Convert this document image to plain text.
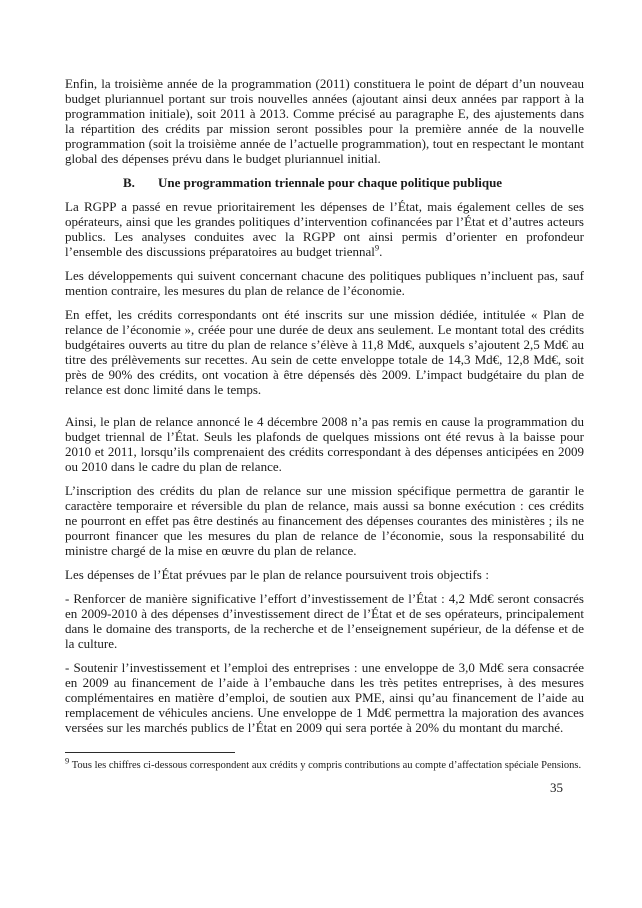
Enfin, la troisième année de la programmation (2011) constituera le point de départ d’un nouveau budget pluriannuel portant sur trois nouvelles années (ajoutant ainsi deux années par rapport à la programmation initiale), soit 2011 à 2013. Comme précisé au paragraphe E, des ajustements dans la répartition des crédits par mission seront possibles pour la première année de la nouvelle programmation (soit la troisième année de l’actuelle programmation), tout en respectant le montant global des dépenses prévu dans le budget pluriannuel initial.

B.	Une programmation triennale pour chaque politique publique

La RGPP a passé en revue prioritairement les dépenses de l’État, mais également celles de ses opérateurs, ainsi que les grandes politiques d’intervention cofinancées par l’État et d’autres acteurs publics. Les analyses conduites avec la RGPP ont ainsi permis d’orienter en profondeur l’ensemble des discussions préparatoires au budget triennal$^9$.

Les développements qui suivent concernant chacune des politiques publiques n’incluent pas, sauf mention contraire, les mesures du plan de relance de l’économie.

En effet, les crédits correspondants ont été inscrits sur une mission dédiée, intitulée « Plan de relance de l’économie », créée pour une durée de deux ans seulement. Le montant total des crédits budgétaires ouverts au titre du plan de relance s’élève à 11,8 Md€, auxquels s’ajoutent 2,5 Md€ au titre des prélèvements sur recettes. Au sein de cette enveloppe totale de 14,3 Md€, 12,8 Md€, soit près de 90% des crédits, ont vocation à être dépensés dès 2009. L’impact budgétaire du plan de relance est donc limité dans le temps.

Ainsi, le plan de relance annoncé le 4 décembre 2008 n’a pas remis en cause la programmation du budget triennal de l’État. Seuls les plafonds de quelques missions ont été revus à la baisse pour 2010 et 2011, lorsqu’ils comprenaient des crédits correspondant à des dépenses anticipées en 2009 ou 2010 dans le cadre du plan de relance.

L’inscription des crédits du plan de relance sur une mission spécifique permettra de garantir le caractère temporaire et réversible du plan de relance, mais aussi sa bonne exécution : ces crédits ne pourront en effet pas être destinés au financement des dépenses courantes des ministères ; ils ne pourront financer que les mesures du plan de relance de l’économie, sous la responsabilité du ministre chargé de la mise en œuvre du plan de relance.

Les dépenses de l’État prévues par le plan de relance poursuivent trois objectifs :

- Renforcer de manière significative l’effort d’investissement de l’État : 4,2 Md€ seront consacrés en 2009-2010 à des dépenses d’investissement direct de l’État et de ses opérateurs, principalement dans le domaine des transports, de la recherche et de l’enseignement supérieur, de la défense et de la culture.

- Soutenir l’investissement et l’emploi des entreprises : une enveloppe de 3,0 Md€ sera consacrée en 2009 au financement de l’aide à l’embauche dans les très petites entreprises, à des mesures complémentaires en matière d’emploi, de soutien aux PME, ainsi qu’au financement de l’aide au remplacement de véhicules anciens. Une enveloppe de 1 Md€ permettra la majoration des avances versées sur les marchés publics de l’État en 2009 qui sera portée à 20% du montant du marché.

$^9$ Tous les chiffres ci-dessous correspondent aux crédits y compris contributions au compte d’affectation spéciale Pensions.

35
